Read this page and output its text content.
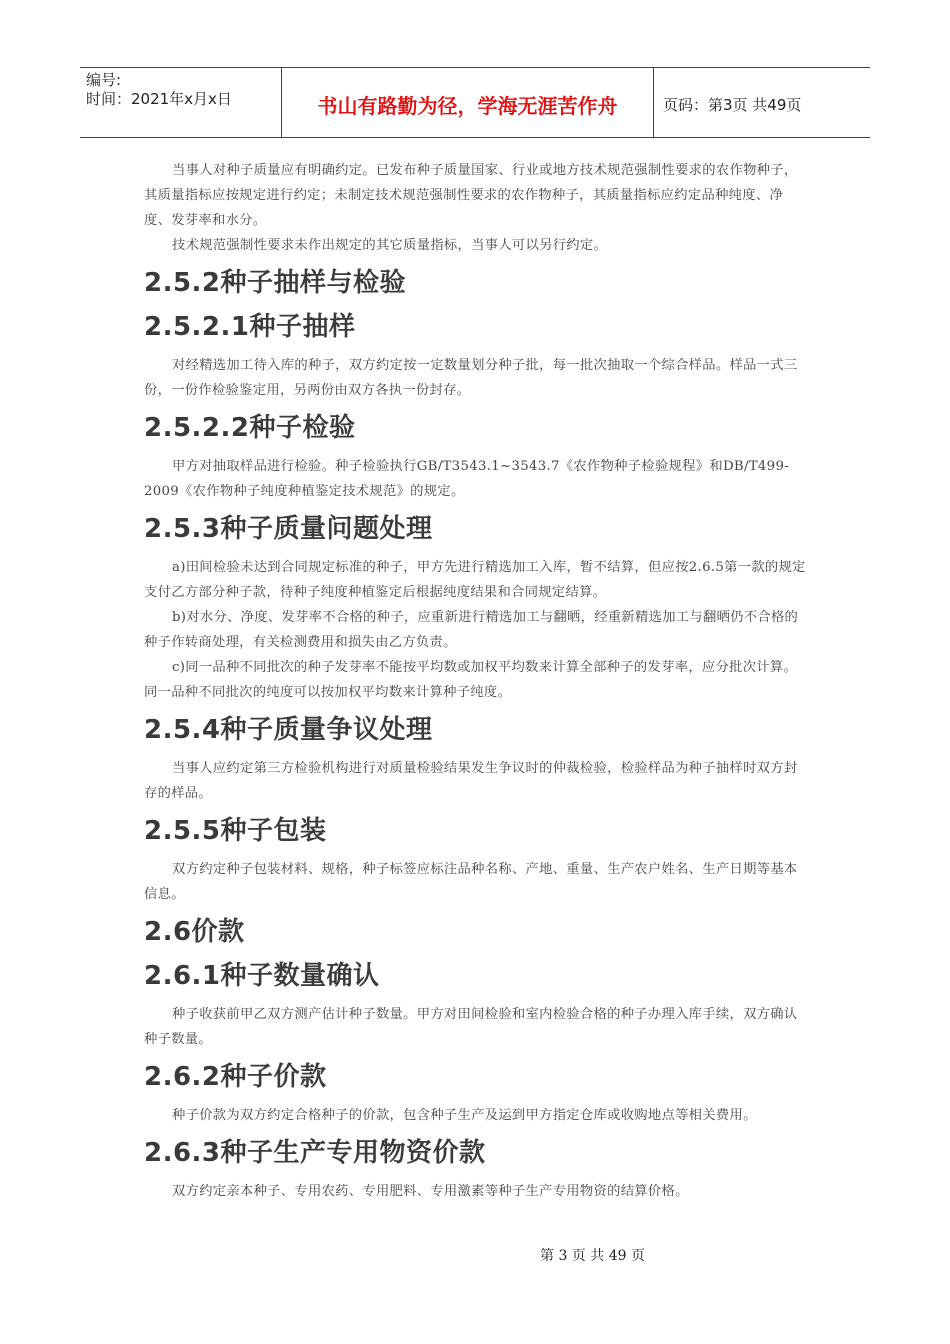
编号:
时间：2021年x月x日	书山有路勤为径，学海无涯苦作舟	页码：第3页 共49页

当事人对种子质量应有明确约定。已发布种子质量国家、行业或地方技术规范强制性要求的农作物种子，其质量指标应按规定进行约定；未制定技术规范强制性要求的农作物种子，其质量指标应约定品种纯度、净度、发芽率和水分。

技术规范强制性要求未作出规定的其它质量指标，当事人可以另行约定。

2.5.2种子抽样与检验
2.5.2.1种子抽样

对经精选加工待入库的种子，双方约定按一定数量划分种子批，每一批次抽取一个综合样品。样品一式三份，一份作检验鉴定用，另两份由双方各执一份封存。

2.5.2.2种子检验

甲方对抽取样品进行检验。种子检验执行GB/T3543.1~3543.7《农作物种子检验规程》和DB/T499-2009《农作物种子纯度种植鉴定技术规范》的规定。

2.5.3种子质量问题处理

a)田间检验未达到合同规定标准的种子，甲方先进行精选加工入库，暂不结算，但应按2.6.5第一款的规定支付乙方部分种子款，待种子纯度种植鉴定后根据纯度结果和合同规定结算。

b)对水分、净度、发芽率不合格的种子，应重新进行精选加工与翻晒，经重新精选加工与翻晒仍不合格的种子作转商处理，有关检测费用和损失由乙方负责。

c)同一品种不同批次的种子发芽率不能按平均数或加权平均数来计算全部种子的发芽率，应分批次计算。同一品种不同批次的纯度可以按加权平均数来计算种子纯度。

2.5.4种子质量争议处理

当事人应约定第三方检验机构进行对质量检验结果发生争议时的仲裁检验，检验样品为种子抽样时双方封存的样品。

2.5.5种子包装

双方约定种子包装材料、规格，种子标签应标注品种名称、产地、重量、生产农户姓名、生产日期等基本信息。

2.6价款
2.6.1种子数量确认

种子收获前甲乙双方测产估计种子数量。甲方对田间检验和室内检验合格的种子办理入库手续，双方确认种子数量。

2.6.2种子价款

种子价款为双方约定合格种子的价款，包含种子生产及运到甲方指定仓库或收购地点等相关费用。

2.6.3种子生产专用物资价款

双方约定亲本种子、专用农药、专用肥料、专用激素等种子生产专用物资的结算价格。

第 3 页 共 49 页
